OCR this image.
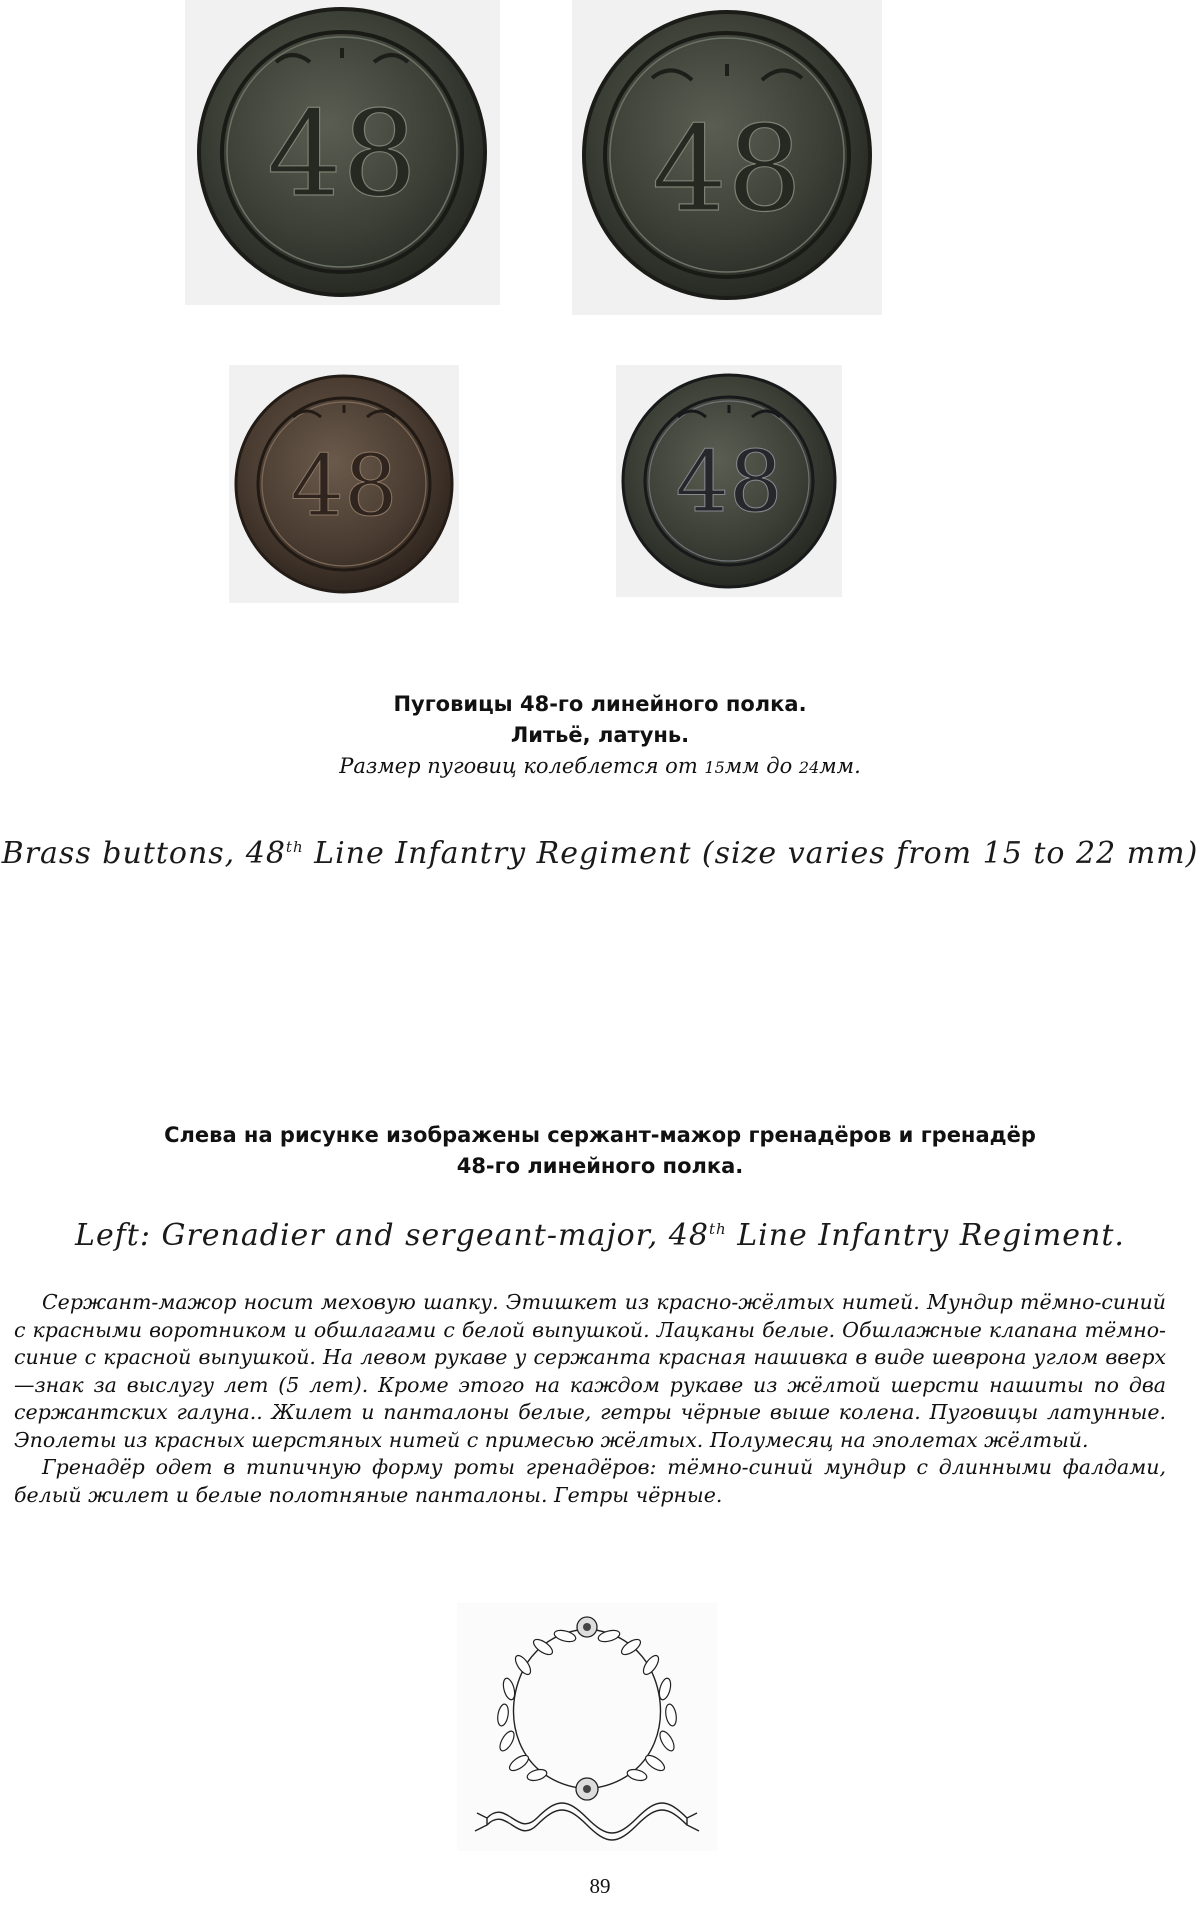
48 48
48	48
Пуговицы 48-го линейного полка.
Литьё, латунь.
Размер пуговиц колеблется от 15мм до 24мм.
Brass buttons, 48th Line Infantry Regiment (size varies from 15 to 22 mm)
Слева на рисунке изображены сержант-мажор гренадёров и гренадёр
48-го линейного полка.
Left: Grenadier and sergeant-major, 48th Line Infantry Regiment.

Сержант-мажор носит меховую шапку. Этишкет из красно-жёлтых нитей. Мундир тёмно-синий с красными воротником и обшлагами с белой выпушкой. Лацканы белые. Обшлажные клапана тёмно-синие с красной выпушкой. На левом рукаве у сержанта красная нашивка в виде шеврона углом вверх—знак за выслугу лет (5 лет). Кроме этого на каждом рукаве из жёлтой шерсти нашиты по два сержантских галуна.. Жилет и панталоны белые, гетры чёрные выше колена. Пуговицы латунные. Эполеты из красных шерстяных нитей с примесью жёлтых. Полумесяц на эполетах жёлтый.

Гренадёр одет в типичную форму роты гренадёров: тёмно-синий мундир с длинными фалдами, белый жилет и белые полотняные панталоны. Гетры чёрные.

89
